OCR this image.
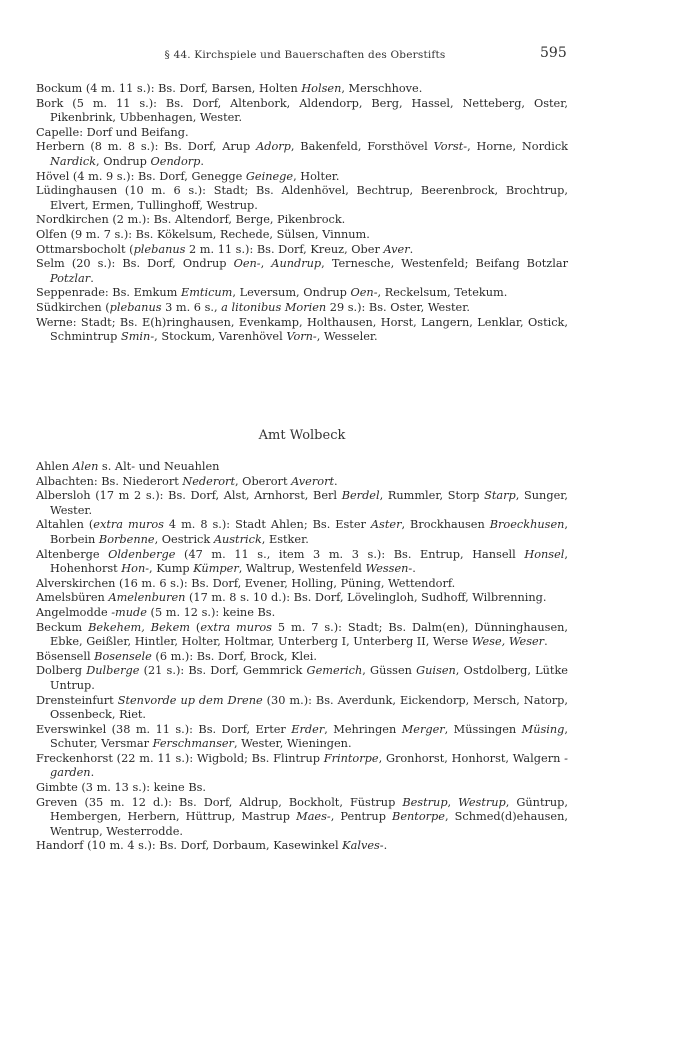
§ 44. Kirchspiele und Bauerschaften des Oberstifts	595

Bockum (4 m. 11 s.): Bs. Dorf, Barsen, Holten Holsen, Merschhove.

Bork (5 m. 11 s.): Bs. Dorf, Altenbork, Aldendorp, Berg, Hassel, Netteberg, Oster, Pikenbrink, Ubbenhagen, Wester.

Capelle: Dorf und Beifang.

Herbern (8 m. 8 s.): Bs. Dorf, Arup Adorp, Bakenfeld, Forsthövel Vorst-, Horne, Nordick Nardick, Ondrup Oendorp.

Hövel (4 m. 9 s.): Bs. Dorf, Genegge Geinege, Holter.

Lüdinghausen (10 m. 6 s.): Stadt; Bs. Aldenhövel, Bechtrup, Beerenbrock, Brochtrup, Elvert, Ermen, Tullinghoff, Westrup.

Nordkirchen (2 m.): Bs. Altendorf, Berge, Pikenbrock.

Olfen (9 m. 7 s.): Bs. Kökelsum, Rechede, Sülsen, Vinnum.

Ottmarsbocholt (plebanus 2 m. 11 s.): Bs. Dorf, Kreuz, Ober Aver.

Selm (20 s.): Bs. Dorf, Ondrup Oen-, Aundrup, Ternesche, Westenfeld; Beifang Botzlar Potzlar.

Seppenrade: Bs. Emkum Emticum, Leversum, Ondrup Oen-, Reckelsum, Tetekum.

Südkirchen (plebanus 3 m. 6 s., a litonibus Morien 29 s.): Bs. Oster, Wester.

Werne: Stadt; Bs. E(h)ringhausen, Evenkamp, Holthausen, Horst, Langern, Lenklar, Ostick, Schmintrup Smin-, Stockum, Varenhövel Vorn-, Wesseler.

Amt Wolbeck

Ahlen Alen s. Alt- und Neuahlen

Albachten: Bs. Niederort Nederort, Oberort Averort.

Albersloh (17 m 2 s.): Bs. Dorf, Alst, Arnhorst, Berl Berdel, Rummler, Storp Starp, Sunger, Wester.

Altahlen (extra muros 4 m. 8 s.): Stadt Ahlen; Bs. Ester Aster, Brockhausen Broeckhusen, Borbein Borbenne, Oestrick Austrick, Estker.

Altenberge Oldenberge (47 m. 11 s., item 3 m. 3 s.): Bs. Entrup, Hansell Honsel, Hohenhorst Hon-, Kump Kümper, Waltrup, Westenfeld Wessen-.

Alverskirchen (16 m. 6 s.): Bs. Dorf, Evener, Holling, Püning, Wettendorf.

Amelsbüren Amelenburen (17 m. 8 s. 10 d.): Bs. Dorf, Lövelingloh, Sudhoff, Wilbrenning.

Angelmodde -mude (5 m. 12 s.): keine Bs.

Beckum Bekehem, Bekem (extra muros 5 m. 7 s.): Stadt; Bs. Dalm(en), Dünninghausen, Ebke, Geißler, Hintler, Holter, Holtmar, Unterberg I, Unterberg II, Werse Wese, Weser.

Bösensell Bosensele (6 m.): Bs. Dorf, Brock, Klei.

Dolberg Dulberge (21 s.): Bs. Dorf, Gemmrick Gemerich, Güssen Guisen, Ostdolberg, Lütke Untrup.

Drensteinfurt Stenvorde up dem Drene (30 m.): Bs. Averdunk, Eickendorp, Mersch, Natorp, Ossenbeck, Riet.

Everswinkel (38 m. 11 s.): Bs. Dorf, Erter Erder, Mehringen Merger, Müssingen Müsing, Schuter, Versmar Ferschmanser, Wester, Wieningen.

Freckenhorst (22 m. 11 s.): Wigbold; Bs. Flintrup Frintorpe, Gronhorst, Honhorst, Walgern -garden.

Gimbte (3 m. 13 s.): keine Bs.

Greven (35 m. 12 d.): Bs. Dorf, Aldrup, Bockholt, Füstrup Bestrup, Westrup, Güntrup, Hembergen, Herbern, Hüttrup, Mastrup Maes-, Pentrup Bentorpe, Schmed(d)ehausen, Wentrup, Westerrodde.

Handorf (10 m. 4 s.): Bs. Dorf, Dorbaum, Kasewinkel Kalves-.
